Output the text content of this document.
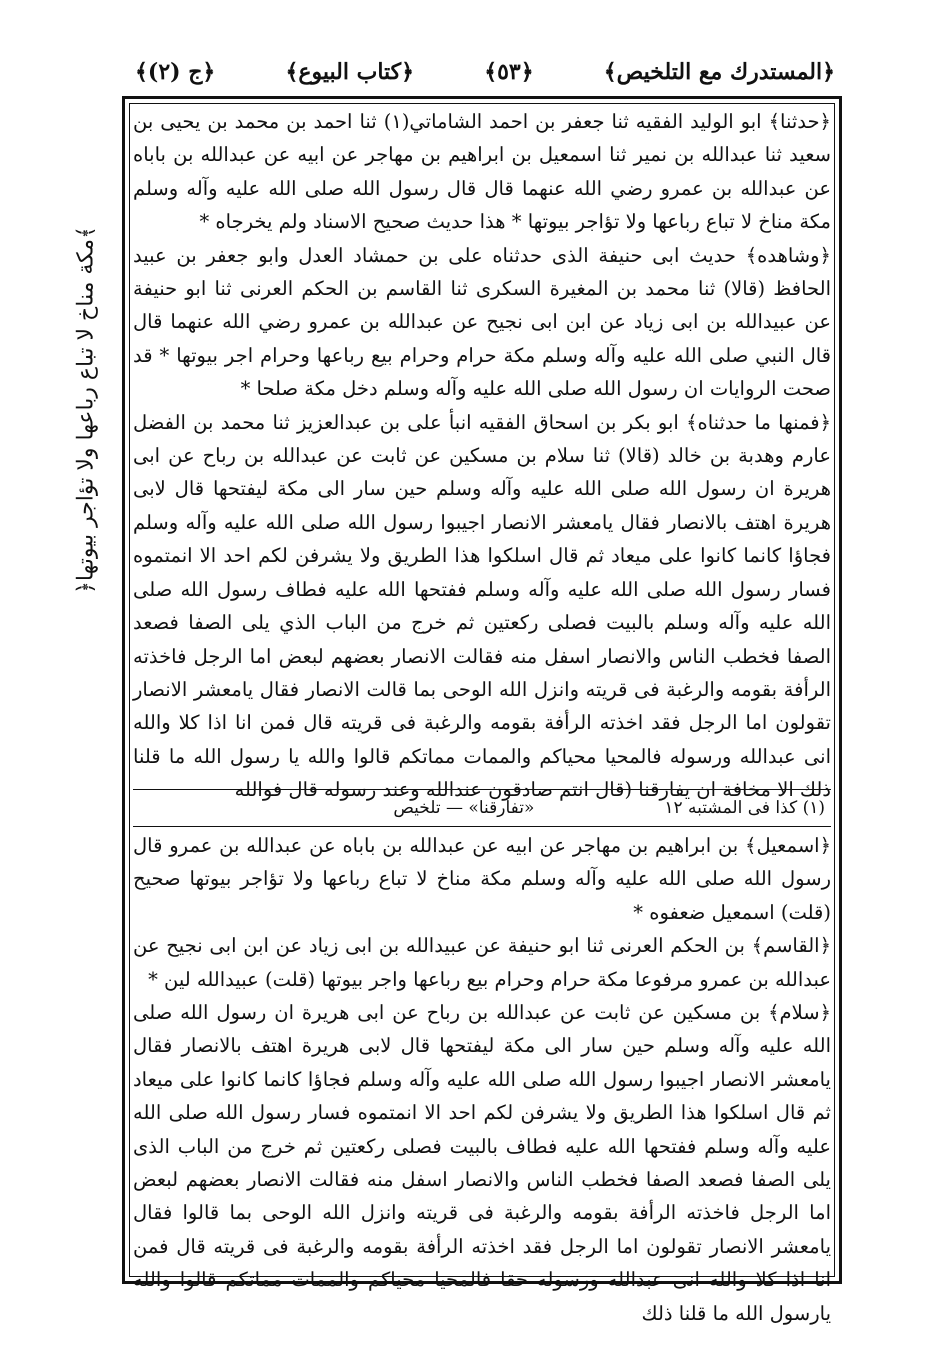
﴿المستدرك مع التلخيص﴾
﴿٥٣﴾
﴿كتاب البيوع﴾
﴿ج (٢)﴾
﴾مكة مناخ لا تباع رباعها ولا تؤاجر بيوتها﴿

﴿حدثنا﴾ ابو الوليد الفقيه ثنا جعفر بن احمد الشاماتي(١) ثنا احمد بن محمد بن يحيى بن سعيد ثنا عبدالله بن نمير ثنا اسمعيل بن ابراهيم بن مهاجر عن ابيه عن عبدالله بن باباه عن عبدالله بن عمرو رضي الله عنهما قال قال رسول الله صلى الله عليه وآله وسلم مكة مناخ لا تباع رباعها ولا تؤاجر بيوتها * هذا حديث صحيح الاسناد ولم يخرجاه *

﴿وشاهده﴾ حديث ابى حنيفة الذى حدثناه على بن حمشاد العدل وابو جعفر بن عبيد الحافظ (قالا) ثنا محمد بن المغيرة السكرى ثنا القاسم بن الحكم العرنى ثنا ابو حنيفة عن عبيدالله بن ابى زياد عن ابن ابى نجيح عن عبدالله بن عمرو رضي الله عنهما قال قال النبي صلى الله عليه وآله وسلم مكة حرام وحرام بيع رباعها وحرام اجر بيوتها * قد صحت الروايات ان رسول الله صلى الله عليه وآله وسلم دخل مكة صلحا *

﴿فمنها ما حدثناه﴾ ابو بكر بن اسحاق الفقيه انبأ على بن عبدالعزيز ثنا محمد بن الفضل عارم وهدبة بن خالد (قالا) ثنا سلام بن مسكين عن ثابت عن عبدالله بن رباح عن ابى هريرة ان رسول الله صلى الله عليه وآله وسلم حين سار الى مكة ليفتحها قال لابى هريرة اهتف بالانصار فقال يامعشر الانصار اجيبوا رسول الله صلى الله عليه وآله وسلم فجاؤا كانما كانوا على ميعاد ثم قال اسلكوا هذا الطريق ولا يشرفن لكم احد الا انمتموه فسار رسول الله صلى الله عليه وآله وسلم ففتحها الله عليه فطاف رسول الله صلى الله عليه وآله وسلم بالبيت فصلى ركعتين ثم خرج من الباب الذي يلى الصفا فصعد الصفا فخطب الناس والانصار اسفل منه فقالت الانصار بعضهم لبعض اما الرجل فاخذته الرأفة بقومه والرغبة فى قريته وانزل الله الوحى بما قالت الانصار فقال يامعشر الانصار تقولون اما الرجل فقد اخذته الرأفة بقومه والرغبة فى قريته قال فمن انا اذا كلا والله انى عبدالله ورسوله فالمحيا محياكم والممات مماتكم قالوا والله يا رسول الله ما قلنا ذلك الا مخافة ان يفارقنا (قال انتم صادقون عندالله وعند رسوله قال فوالله

(١) كذا فى المشتبه ١٢
«تفارقنا» — تلخيص

﴿اسمعيل﴾ بن ابراهيم بن مهاجر عن ابيه عن عبدالله بن باباه عن عبدالله بن عمرو قال رسول الله صلى الله عليه وآله وسلم مكة مناخ لا تباع رباعها ولا تؤاجر بيوتها صحيح (قلت) اسمعيل ضعفوه *

﴿القاسم﴾ بن الحكم العرنى ثنا ابو حنيفة عن عبيدالله بن ابى زياد عن ابن ابى نجيح عن عبدالله بن عمرو مرفوعا مكة حرام وحرام بيع رباعها واجر بيوتها (قلت) عبيدالله لين *

﴿سلام﴾ بن مسكين عن ثابت عن عبدالله بن رباح عن ابى هريرة ان رسول الله صلى الله عليه وآله وسلم حين سار الى مكة ليفتحها قال لابى هريرة اهتف بالانصار فقال يامعشر الانصار اجيبوا رسول الله صلى الله عليه وآله وسلم فجاؤا كانما كانوا على ميعاد ثم قال اسلكوا هذا الطريق ولا يشرفن لكم احد الا انمتموه فسار رسول الله صلى الله عليه وآله وسلم ففتحها الله عليه فطاف بالبيت فصلى ركعتين ثم خرج من الباب الذى يلى الصفا فصعد الصفا فخطب الناس والانصار اسفل منه فقالت الانصار بعضهم لبعض اما الرجل فاخذته الرأفة بقومه والرغبة فى قريته وانزل الله الوحى بما قالوا فقال يامعشر الانصار تقولون اما الرجل فقد اخذته الرأفة بقومه والرغبة فى قريته قال فمن انا اذا كلا والله انى عبدالله ورسوله حقا فالمحيا محياكم والممات مماتكم قالوا والله يارسول الله ما قلنا ذلك
